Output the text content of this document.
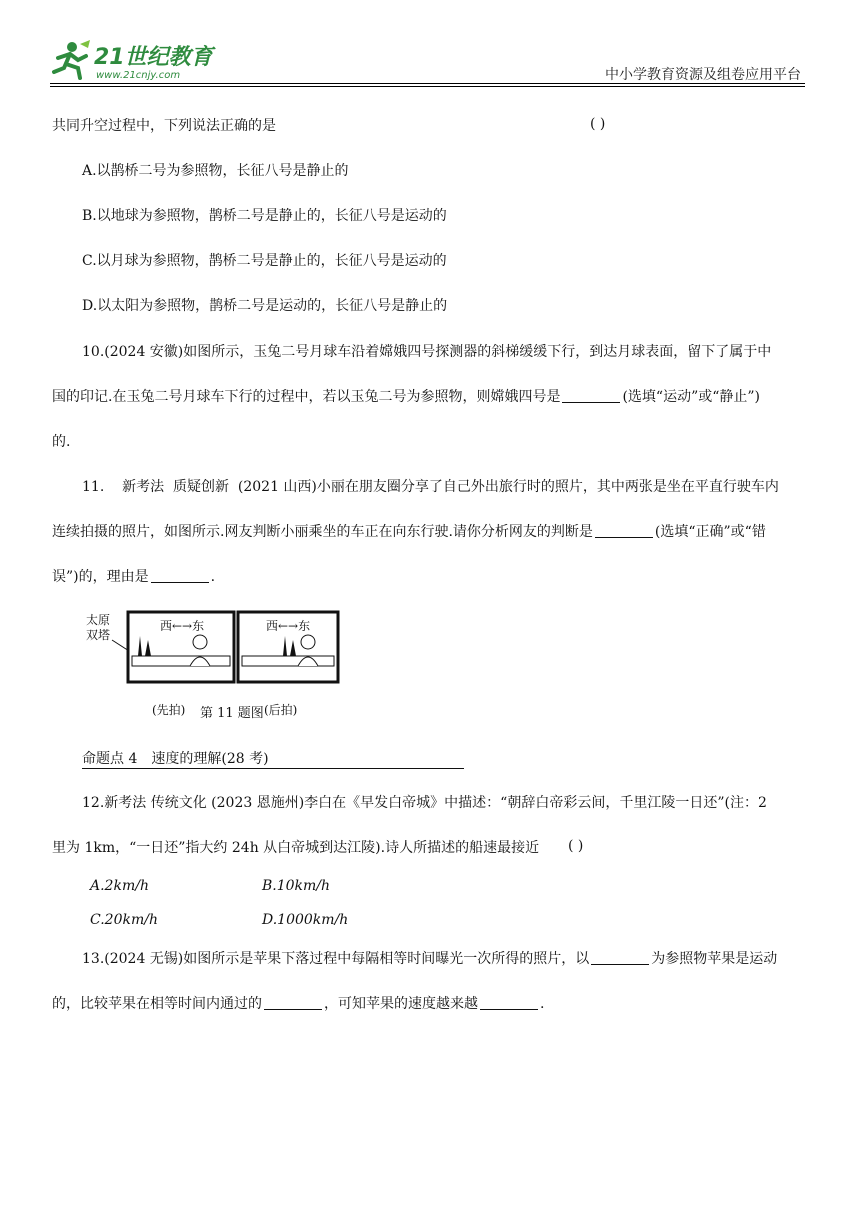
21世纪教育
www.21cnjy.com	中小学教育资源及组卷应用平台
共同升空过程中，下列说法正确的是	( )
A.以鹊桥二号为参照物，长征八号是静止的
B.以地球为参照物，鹊桥二号是静止的，长征八号是运动的
C.以月球为参照物，鹊桥二号是静止的，长征八号是运动的
D.以太阳为参照物，鹊桥二号是运动的，长征八号是静止的
10.(2024 安徽)如图所示，玉兔二号月球车沿着嫦娥四号探测器的斜梯缓缓下行，到达月球表面，留下了属于中
国的印记.在玉兔二号月球车下行的过程中，若以玉兔二号为参照物，则嫦娥四号是	(选填“运动”或“静止”)
的.
11. 新考法 质疑创新 (2021 山西)小丽在朋友圈分享了自己外出旅行时的照片，其中两张是坐在平直行驶车内
连续拍摄的照片，如图所示.网友判断小丽乘坐的车正在向东行驶.请你分析网友的判断是	(选填“正确”或“错
误”)的，理由是	.
太原
双塔
西←→东
(先拍)
西←→东
(后拍)
第 11 题图
命题点 4 速度的理解(28 考)
12.新考法 传统文化 (2023 恩施州)李白在《早发白帝城》中描述：“朝辞白帝彩云间，千里江陵一日还”(注：2
里为 1km，“一日还”指大约 24h 从白帝城到达江陵).诗人所描述的船速最接近 ( )
A.2km/h	B.10km/h
C.20km/h	D.1000km/h
13.(2024 无锡)如图所示是苹果下落过程中每隔相等时间曝光一次所得的照片，以	为参照物苹果是运动
的，比较苹果在相等时间内通过的	，可知苹果的速度越来越	.
